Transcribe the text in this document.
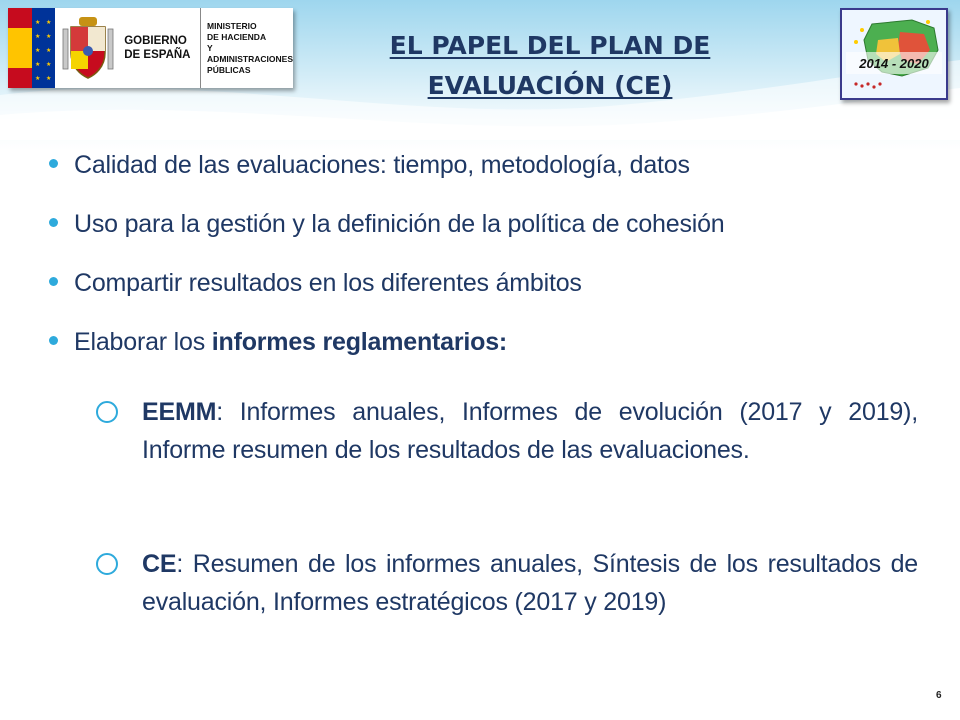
★ ★
★ ★
★ ★
★ ★
★ ★
GOBIERNO
DE ESPAÑA
MINISTERIO
DE HACIENDA
Y ADMINISTRACIONES
PÚBLICAS
EL PAPEL DEL PLAN DE
EVALUACIÓN (CE)
2014 - 2020
Calidad de las evaluaciones: tiempo, metodología, datos
Uso para la gestión y la definición de la política de cohesión
Compartir resultados en los diferentes ámbitos
Elaborar los informes reglamentarios:
EEMM: Informes anuales, Informes de evolución (2017 y 2019), Informe resumen de los resultados de las evaluaciones.
CE: Resumen de los informes anuales, Síntesis de los resultados de evaluación, Informes estratégicos (2017 y 2019)
6
